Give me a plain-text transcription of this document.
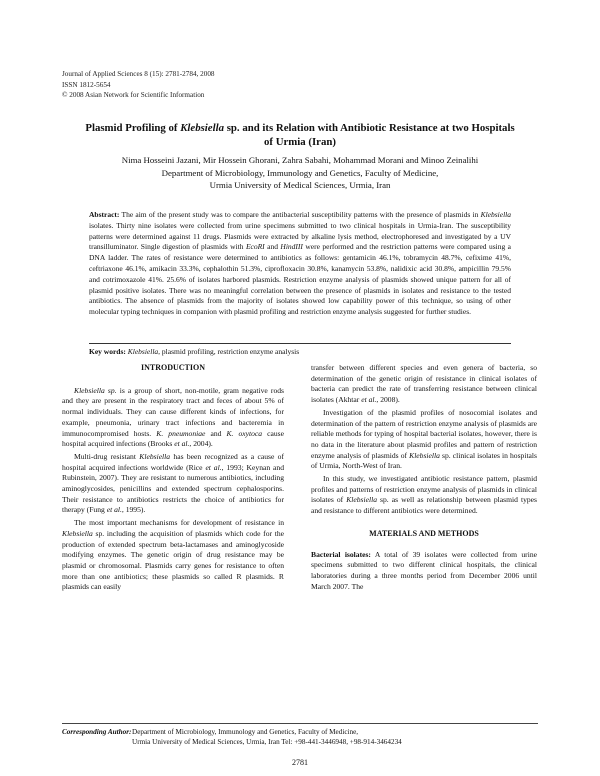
Journal of Applied Sciences 8 (15): 2781-2784, 2008
ISSN 1812-5654
© 2008 Asian Network for Scientific Information
Plasmid Profiling of Klebsiella sp. and its Relation with Antibiotic Resistance at two Hospitals of Urmia (Iran)
Nima Hosseini Jazani, Mir Hossein Ghorani, Zahra Sabahi, Mohammad Morani and Minoo Zeinalihi
Department of Microbiology, Immunology and Genetics, Faculty of Medicine,
Urmia University of Medical Sciences, Urmia, Iran
Abstract: The aim of the present study was to compare the antibacterial susceptibility patterns with the presence of plasmids in Klebsiella isolates. Thirty nine isolates were collected from urine specimens submitted to two clinical hospitals in Urmia-Iran. The susceptibility patterns were determined against 11 drugs. Plasmids were extracted by alkaline lysis method, electrophoresed and investigated by a UV transilluminator. Single digestion of plasmids with EcoRI and HindIII were performed and the restriction patterns were compared using a DNA ladder. The rates of resistance were determined to antibiotics as follows: gentamicin 46.1%, tobramycin 48.7%, cefixime 41%, ceftriaxone 46.1%, amikacin 33.3%, cephalothin 51.3%, ciprofloxacin 30.8%, kanamycin 53.8%, nalidixic acid 30.8%, ampicillin 79.5% and cotrimoxazole 41%. 25.6% of isolates harbored plasmids. Restriction enzyme analysis of plasmids showed unique pattern for all of plasmid positive isolates. There was no meaningful correlation between the presence of plasmids in isolates and resistance to the tested antibiotics. The absence of plasmids from the majority of isolates showed low capability power of this technique, so using of other molecular typing techniques in companion with plasmid profiling and restriction enzyme analysis suggested for further studies.
Key words: Klebsiella, plasmid profiling, restriction enzyme analysis
INTRODUCTION

Klebsiella sp. is a group of short, non-motile, gram negative rods and they are present in the respiratory tract and feces of about 5% of normal individuals. They can cause different kinds of infections, for example, pneumonia, urinary tract infections and bacteremia in immunocompromised hosts. K. pneumoniae and K. oxytoca cause hospital acquired infections (Brooks et al., 2004).

Multi-drug resistant Klebsiella has been recognized as a cause of hospital acquired infections worldwide (Rice et al., 1993; Keynan and Rubinstein, 2007). They are resistant to numerous antibiotics, including aminoglycosides, penicillins and extended spectrum cephalosporins. Their resistance to antibiotics restricts the choice of antibiotics for therapy (Fung et al., 1995).

The most important mechanisms for development of resistance in Klebsiella sp. including the acquisition of plasmids which code for the production of extended spectrum beta-lactamases and aminoglycoside modifying enzymes. The genetic origin of drug resistance may be plasmid or chromosomal. Plasmids carry genes for resistance to often more than one antibiotics; these plasmids so called R plasmids. R plasmids can easily

transfer between different species and even genera of bacteria, so determination of the genetic origin of resistance in clinical isolates of bacteria can predict the rate of transferring resistance between clinical isolates (Akhtar et al., 2008).

Investigation of the plasmid profiles of nosocomial isolates and determination of the pattern of restriction enzyme analysis of plasmids are reliable methods for typing of hospital bacterial isolates, however, there is no data in the literature about plasmid profiles and pattern of restriction enzyme analysis of plasmids of Klebsiella sp. clinical isolates in hospitals of Urmia, North-West of Iran.

In this study, we investigated antibiotic resistance pattern, plasmid profiles and patterns of restriction enzyme analysis of plasmids in clinical isolates of Klebsiella sp. as well as relationship between plasmid types and resistance to different antibiotics were determined.

MATERIALS AND METHODS

Bacterial isolates: A total of 39 isolates were collected from urine specimens submitted to two different clinical hospitals, the clinical laboratories during a three months period from December 2006 until March 2007. The

Corresponding Author:Department of Microbiology, Immunology and Genetics, Faculty of Medicine,
Urmia University of Medical Sciences, Urmia, Iran Tel: +98-441-3446948, +98-914-3464234
2781
